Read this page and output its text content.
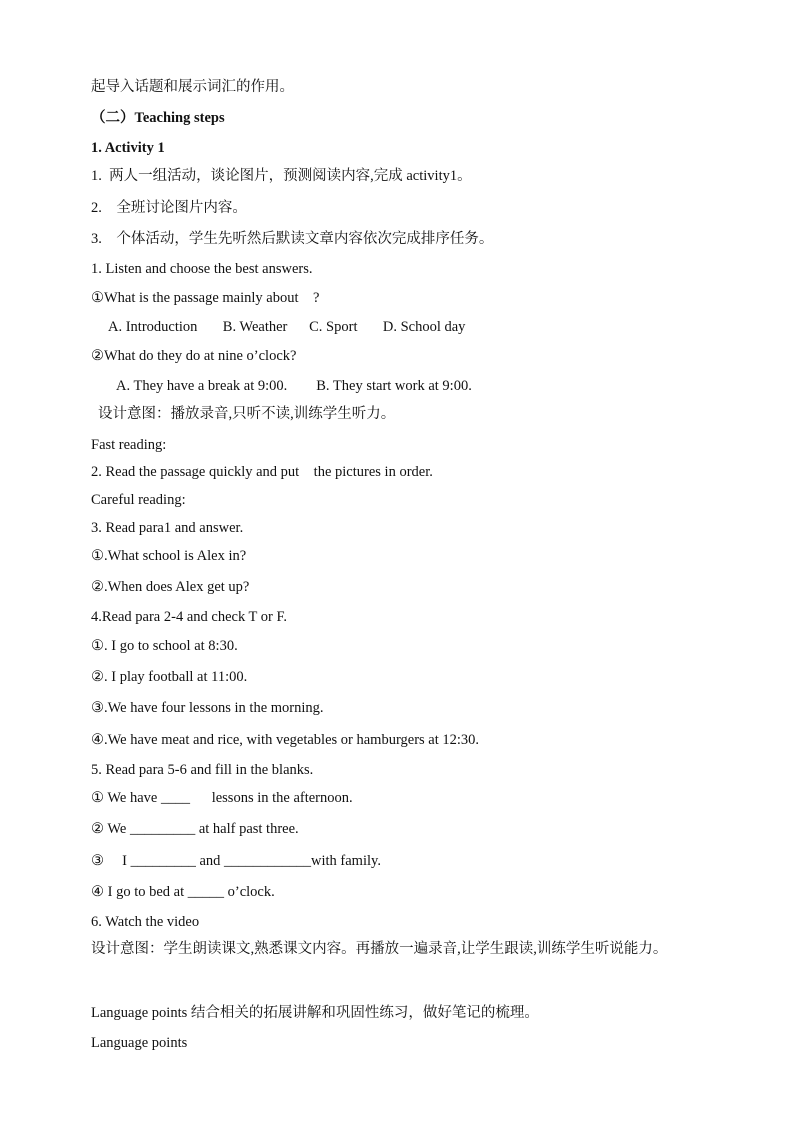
起导入话题和展示词汇的作用。
（二）Teaching steps
1. Activity 1
1.  两人一组活动，谈论图片，预测阅读内容,完成 activity1。
2.    全班讨论图片内容。
3.    个体活动，学生先听然后默读文章内容依次完成排序任务。
1. Listen and choose the best answers.
①What is the passage mainly about    ?
A. Introduction       B. Weather      C. Sport       D. School day
②What do they do at nine o’clock?
A. They have a break at 9:00.        B. They start work at 9:00.
设计意图：播放录音,只听不读,训练学生听力。
Fast reading:
2. Read the passage quickly and put    the pictures in order.
Careful reading:
3. Read para1 and answer.
①.What school is Alex in?
②.When does Alex get up?
4.Read para 2-4 and check T or F.
①. I go to school at 8:30.
②. I play football at 11:00.
③.We have four lessons in the morning.
④.We have meat and rice, with vegetables or hamburgers at 12:30.
5. Read para 5-6 and fill in the blanks.
① We have ____      lessons in the afternoon.
② We _________ at half past three.
③     I _________ and ____________with family.
④ I go to bed at _____ o’clock.
6. Watch the video
设计意图：学生朗读课文,熟悉课文内容。再播放一遍录音,让学生跟读,训练学生听说能力。
Language points 结合相关的拓展讲解和巩固性练习，做好笔记的梳理。
Language points
